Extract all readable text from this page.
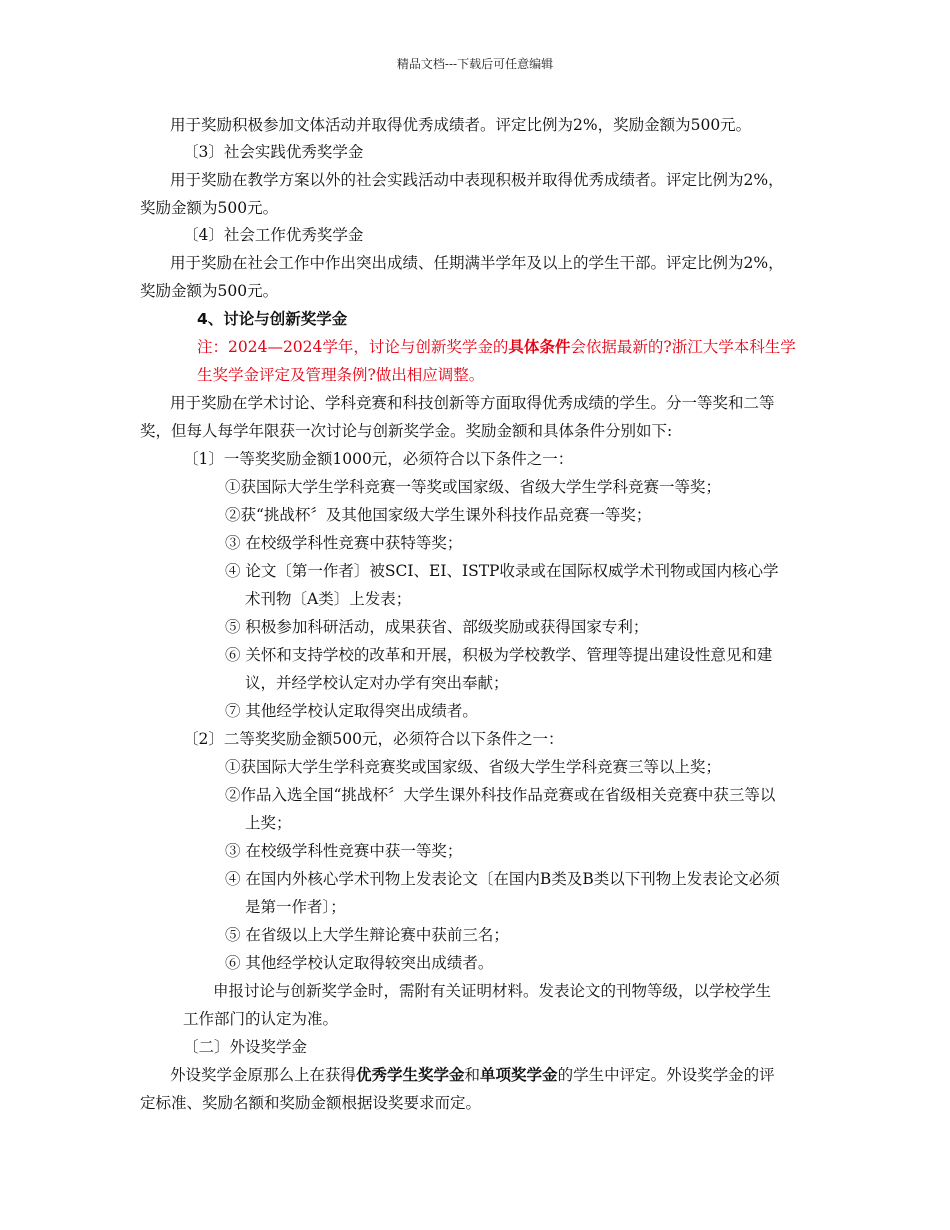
精品文档---下载后可任意编辑
用于奖励积极参加文体活动并取得优秀成绩者。评定比例为2%，奖励金额为500元。
〔3〕社会实践优秀奖学金
用于奖励在教学方案以外的社会实践活动中表现积极并取得优秀成绩者。评定比例为2%，
奖励金额为500元。
〔4〕社会工作优秀奖学金
用于奖励在社会工作中作出突出成绩、任期满半学年及以上的学生干部。评定比例为2%，
奖励金额为500元。
4、讨论与创新奖学金
注：2024—2024学年，讨论与创新奖学金的具体条件会依据最新的?浙江大学本科生学
生奖学金评定及管理条例?做出相应调整。
用于奖励在学术讨论、学科竞赛和科技创新等方面取得优秀成绩的学生。分一等奖和二等
奖，但每人每学年限获一次讨论与创新奖学金。奖励金额和具体条件分别如下:
〔1〕一等奖奖励金额1000元，必须符合以下条件之一：
①获国际大学生学科竞赛一等奖或国家级、省级大学生学科竞赛一等奖；
②获“挑战杯〞及其他国家级大学生课外科技作品竞赛一等奖；
③ 在校级学科性竞赛中获特等奖；
④ 论文〔第一作者〕被SCI、EI、ISTP收录或在国际权威学术刊物或国内核心学
术刊物〔A类〕上发表；
⑤ 积极参加科研活动，成果获省、部级奖励或获得国家专利；
⑥ 关怀和支持学校的改革和开展，积极为学校教学、管理等提出建设性意见和建
议，并经学校认定对办学有突出奉献；
⑦ 其他经学校认定取得突出成绩者。
〔2〕二等奖奖励金额500元，必须符合以下条件之一：
①获国际大学生学科竞赛奖或国家级、省级大学生学科竞赛三等以上奖；
②作品入选全国“挑战杯〞大学生课外科技作品竞赛或在省级相关竞赛中获三等以
上奖；
③ 在校级学科性竞赛中获一等奖；
④ 在国内外核心学术刊物上发表论文〔在国内B类及B类以下刊物上发表论文必须
是第一作者〕；
⑤ 在省级以上大学生辩论赛中获前三名；
⑥ 其他经学校认定取得较突出成绩者。
申报讨论与创新奖学金时，需附有关证明材料。发表论文的刊物等级，以学校学生
工作部门的认定为准。
〔二〕外设奖学金
外设奖学金原那么上在获得优秀学生奖学金和单项奖学金的学生中评定。外设奖学金的评
定标准、奖励名额和奖励金额根据设奖要求而定。
